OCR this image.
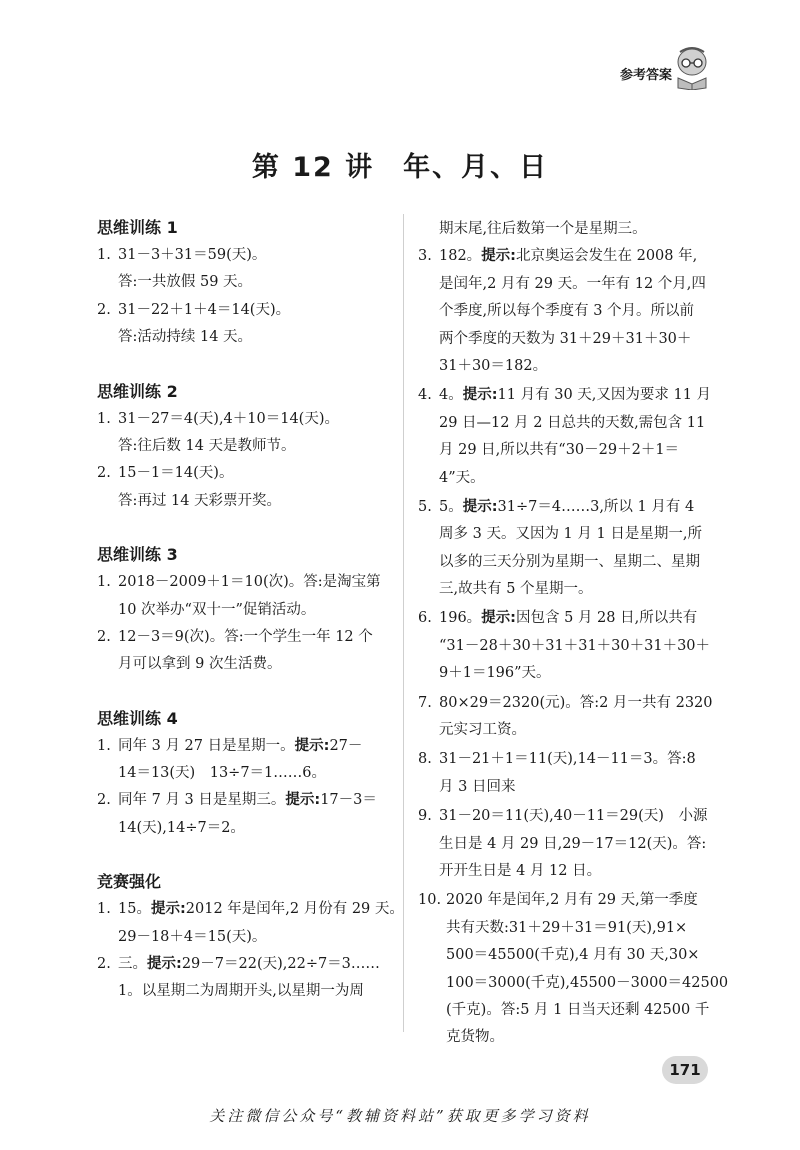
参考答案
第 12 讲　年、月、日
思维训练 1
1. 31－3＋31＝59(天)。
答:一共放假 59 天。
2. 31－22＋1＋4＝14(天)。
答:活动持续 14 天。
思维训练 2
1. 31－27＝4(天),4＋10＝14(天)。
答:往后数 14 天是教师节。
2. 15－1＝14(天)。
答:再过 14 天彩票开奖。
思维训练 3
1. 2018－2009＋1＝10(次)。答:是淘宝第
10 次举办“双十一”促销活动。
2. 12－3＝9(次)。答:一个学生一年 12 个
月可以拿到 9 次生活费。
思维训练 4
1. 同年 3 月 27 日是星期一。提示:27－
14＝13(天)　13÷7＝1……6。
2. 同年 7 月 3 日是星期三。提示:17－3＝
14(天),14÷7＝2。
竞赛强化
1. 15。提示:2012 年是闰年,2 月份有 29 天。
29－18＋4＝15(天)。
2. 三。提示:29－7＝22(天),22÷7＝3……
1。以星期二为周期开头,以星期一为周
期末尾,往后数第一个是星期三。
3. 182。提示:北京奥运会发生在 2008 年,
是闰年,2 月有 29 天。一年有 12 个月,四
个季度,所以每个季度有 3 个月。所以前
两个季度的天数为 31＋29＋31＋30＋
31＋30＝182。
4. 4。提示:11 月有 30 天,又因为要求 11 月
29 日—12 月 2 日总共的天数,需包含 11
月 29 日,所以共有“30－29＋2＋1＝
4”天。
5. 5。提示:31÷7＝4……3,所以 1 月有 4
周多 3 天。又因为 1 月 1 日是星期一,所
以多的三天分别为星期一、星期二、星期
三,故共有 5 个星期一。
6. 196。提示:因包含 5 月 28 日,所以共有
“31－28＋30＋31＋31＋30＋31＋30＋
9＋1＝196”天。
7. 80×29＝2320(元)。答:2 月一共有 2320
元实习工资。
8. 31－21＋1＝11(天),14－11＝3。答:8
月 3 日回来
9. 31－20＝11(天),40－11＝29(天)　小源
生日是 4 月 29 日,29－17＝12(天)。答:
开开生日是 4 月 12 日。
10. 2020 年是闰年,2 月有 29 天,第一季度
共有天数:31＋29＋31＝91(天),91×
500＝45500(千克),4 月有 30 天,30×
100＝3000(千克),45500－3000＝42500
(千克)。答:5 月 1 日当天还剩 42500 千
克货物。
171
关注微信公众号“教辅资料站”获取更多学习资料
